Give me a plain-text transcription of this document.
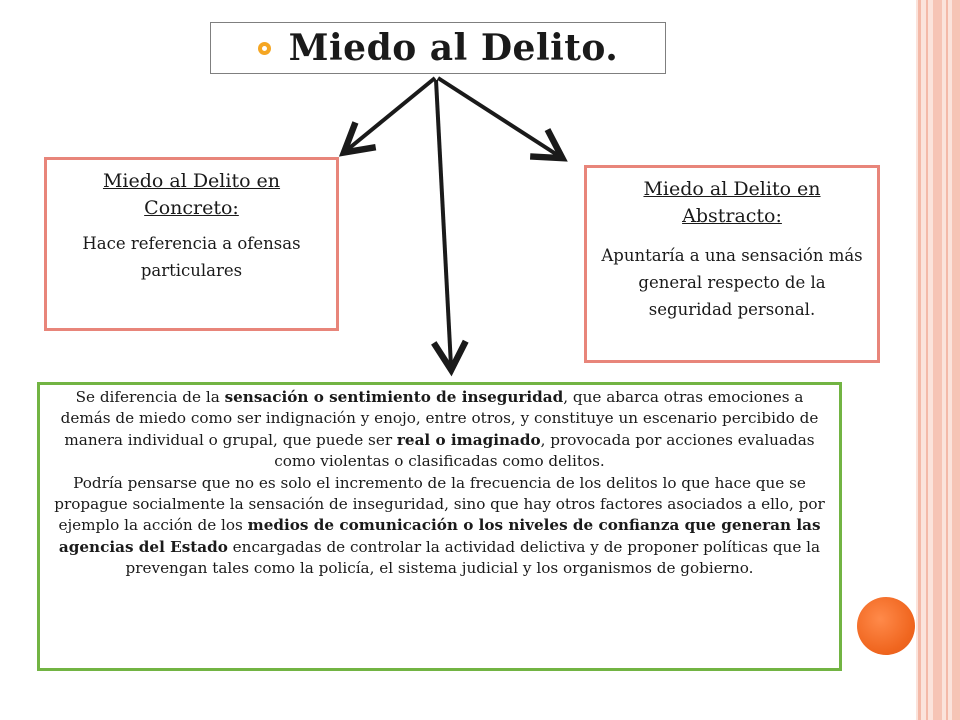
Miedo al Delito.
Miedo al Delito en Concreto:

Hace referencia a ofensas particulares

Miedo al Delito en Abstracto:

Apuntaría a una sensación más general respecto de la seguridad personal.

Se diferencia de la sensación o sentimiento de inseguridad, que abarca otras emociones a demás de miedo como ser indignación y enojo, entre otros, y constituye un escenario percibido de manera individual o grupal, que puede ser real o imaginado, provocada por acciones evaluadas como violentas o clasificadas como delitos.

Podría pensarse que no es solo el incremento de la frecuencia de los delitos lo que hace que se propague socialmente la sensación de inseguridad, sino que hay otros factores asociados a ello, por ejemplo la acción de los medios de comunicación o los niveles de confianza que generan las agencias del Estado encargadas de controlar la actividad delictiva y de proponer políticas que la prevengan tales como la policía, el sistema judicial y los organismos de gobierno.
